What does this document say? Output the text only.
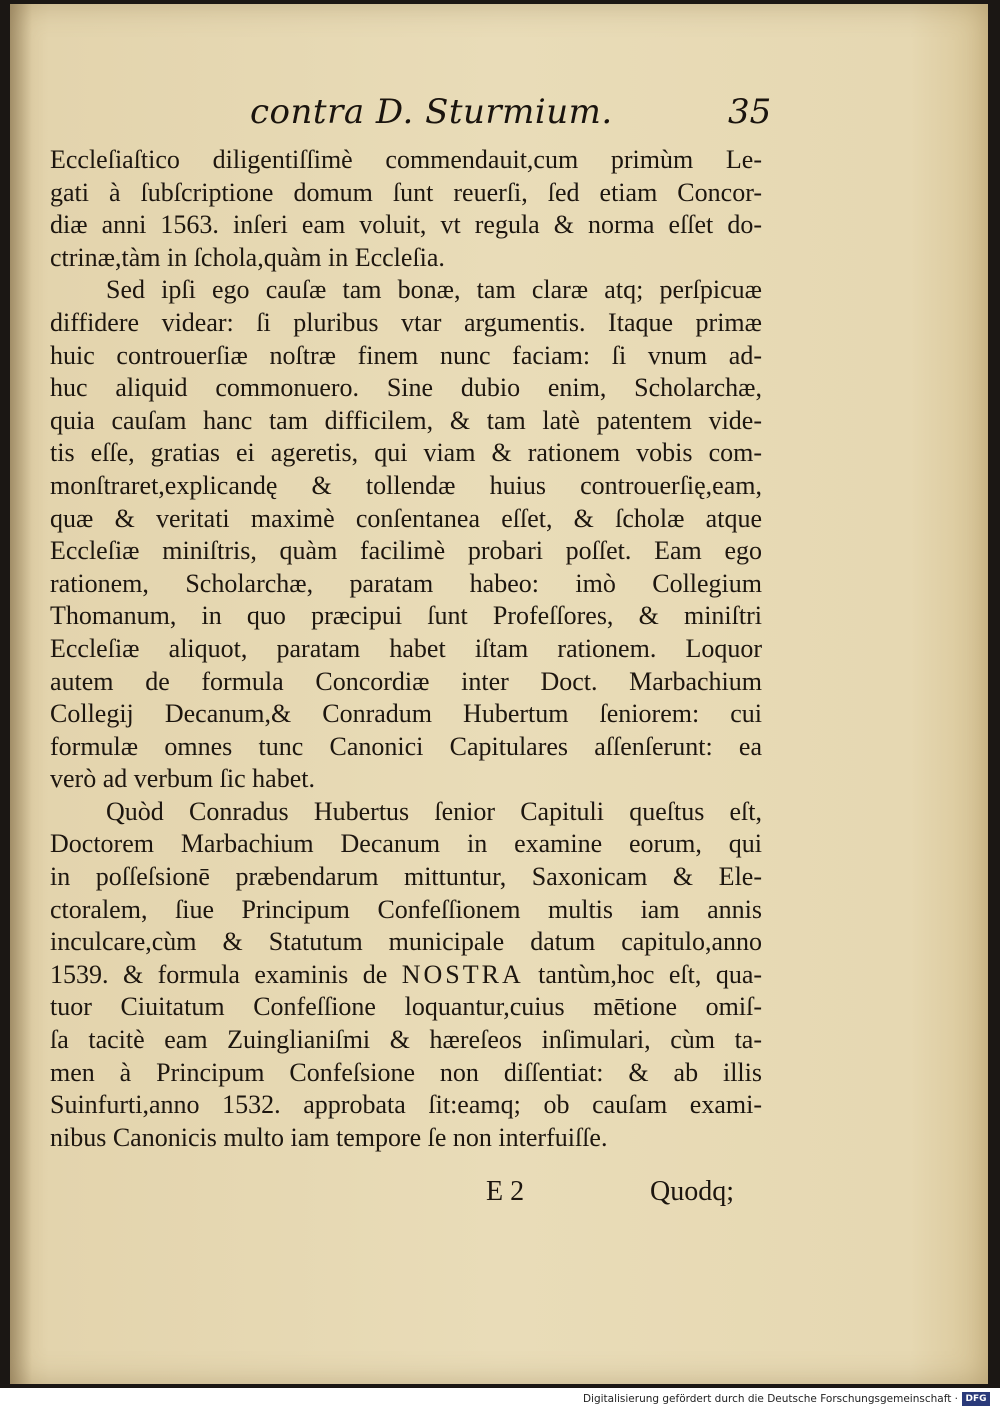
contra D. Sturmium.	35
Eccleſiaſtico diligentiſſimè commendauit,cum primùm Le-
gati à ſubſcriptione domum ſunt reuerſi, ſed etiam Concor-
diæ anni 1563. inſeri eam voluit, vt regula & norma eſſet do-
ctrinæ,tàm in ſchola,quàm in Eccleſia.
Sed ipſi ego cauſæ tam bonæ, tam claræ atq; perſpicuæ
diffidere videar: ſi pluribus vtar argumentis. Itaque primæ
huic controuerſiæ noſtræ finem nunc faciam: ſi vnum ad-
huc aliquid commonuero. Sine dubio enim, Scholarchæ,
quia cauſam hanc tam difficilem, & tam latè patentem vide-
tis eſſe, gratias ei ageretis, qui viam & rationem vobis com-
monſtraret,explicandę & tollendæ huius controuerſię,eam,
quæ & veritati maximè conſentanea eſſet, & ſcholæ atque
Eccleſiæ miniſtris, quàm facilimè probari poſſet. Eam ego
rationem, Scholarchæ, paratam habeo: imò Collegium
Thomanum, in quo præcipui ſunt Profeſſores, & miniſtri
Eccleſiæ aliquot, paratam habet iſtam rationem. Loquor
autem de formula Concordiæ inter Doct. Marbachium
Collegij Decanum,& Conradum Hubertum ſeniorem: cui
formulæ omnes tunc Canonici Capitulares aſſenſerunt: ea
verò ad verbum ſic habet.
Quòd Conradus Hubertus ſenior Capituli queſtus eſt,
Doctorem Marbachium Decanum in examine eorum, qui
in poſſeſsionē præbendarum mittuntur, Saxonicam & Ele-
ctoralem, ſiue Principum Confeſſionem multis iam annis
inculcare,cùm & Statutum municipale datum capitulo,anno
1539. & formula examinis de NOSTRA tantùm,hoc eſt, qua-
tuor Ciuitatum Confeſſione loquantur,cuius mētione omiſ-
ſa tacitè eam Zuinglianiſmi & hæreſeos inſimulari, cùm ta-
men à Principum Confeſsione non diſſentiat: & ab illis
Suinfurti,anno 1532. approbata ſit:eamq; ob cauſam exami-
nibus Canonicis multo iam tempore ſe non interfuiſſe.
E 2	Quodq;
Digitalisierung gefördert durch die Deutsche Forschungsgemeinschaft · DFG
